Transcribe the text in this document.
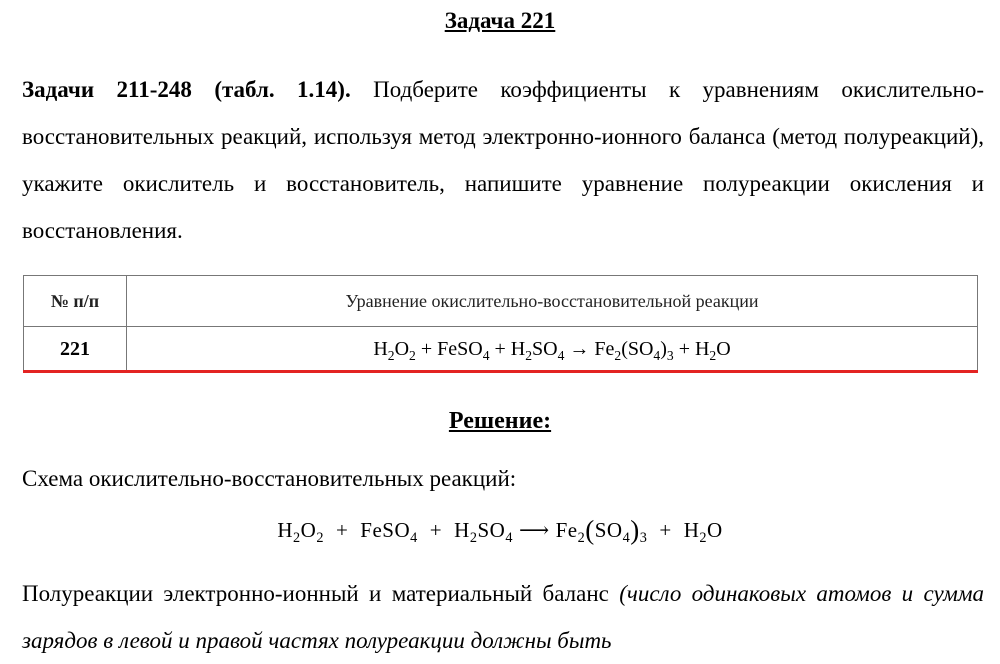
Задача 221
Задачи 211-248 (табл. 1.14). Подберите коэффициенты к уравнениям окислительно-восстановительных реакций, используя метод электронно-ионного баланса (метод полуреакций), укажите окислитель и восстановитель, напишите уравнение полуреакции окисления и восстановления.
№ п/п	Уравнение окислительно-восстановительной реакции
221	$H_2O_2$ + FeSO$_4$ + $H_2SO_4 \to Fe_2(SO_4)_3 + H_2O$
Решение:
Схема окислительно-восстановительных реакций:
$H_2O_2$ + FeSO$_4$ + $H_2SO_4$ ⟶ $Fe_2(SO_4)_3 + H_2O$
Полуреакции электронно-ионный и материальный баланс (число одинаковых атомов и сумма зарядов в левой и правой частях полуреакции должны быть
